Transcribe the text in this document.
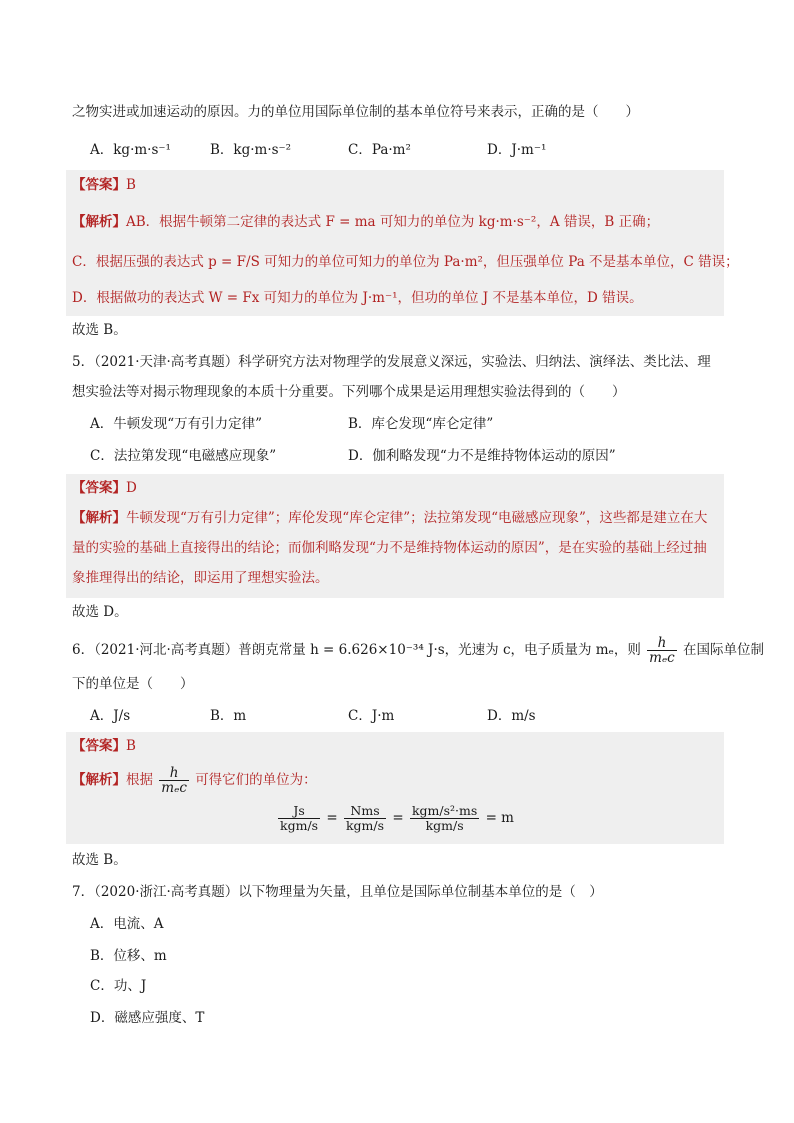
之物实进或加速运动的原因。力的单位用国际单位制的基本单位符号来表示，正确的是（　　）
A．kg·m·s⁻¹	B．kg·m·s⁻²	C．Pa·m²	D．J·m⁻¹
【答案】B
【解析】AB．根据牛顿第二定律的表达式 F = ma 可知力的单位为 kg·m·s⁻²，A 错误，B 正确；
C．根据压强的表达式 p = F/S 可知力的单位可知力的单位为 Pa·m²，但压强单位 Pa 不是基本单位，C 错误；
D．根据做功的表达式 W = Fx 可知力的单位为 J·m⁻¹，但功的单位 J 不是基本单位，D 错误。
故选 B。
5．（2021·天津·高考真题）科学研究方法对物理学的发展意义深远，实验法、归纳法、演绎法、类比法、理
想实验法等对揭示物理现象的本质十分重要。下列哪个成果是运用理想实验法得到的（　　）
A．牛顿发现“万有引力定律”	B．库仑发现“库仑定律”
C．法拉第发现“电磁感应现象”	D．伽利略发现“力不是维持物体运动的原因”
【答案】D
【解析】牛顿发现“万有引力定律”；库伦发现“库仑定律”；法拉第发现“电磁感应现象”，这些都是建立在大
量的实验的基础上直接得出的结论；而伽利略发现“力不是维持物体运动的原因”，是在实验的基础上经过抽
象推理得出的结论，即运用了理想实验法。
故选 D。
6．（2021·河北·高考真题）普朗克常量 h = 6.626×10⁻³⁴ J·s，光速为 c，电子质量为 mₑ，则 $\frac{h}{\text{mₑc}}$ 在国际单位制
下的单位是（　　）
A．J/s	B．m	C．J·m	D．m/s
【答案】B
【解析】根据 $\frac{h}{\text{mₑc}}$ 可得它们的单位为：
$\frac{Js}{\text{kgm/s}} = \frac{\text{Nms}}{\text{kgm/s}} = \frac{\text{kgm/s²·ms}}{\text{kgm/s}} = m$
故选 B。
7．（2020·浙江·高考真题）以下物理量为矢量，且单位是国际单位制基本单位的是（　）
A．电流、A
B．位移、m
C．功、J
D．磁感应强度、T
